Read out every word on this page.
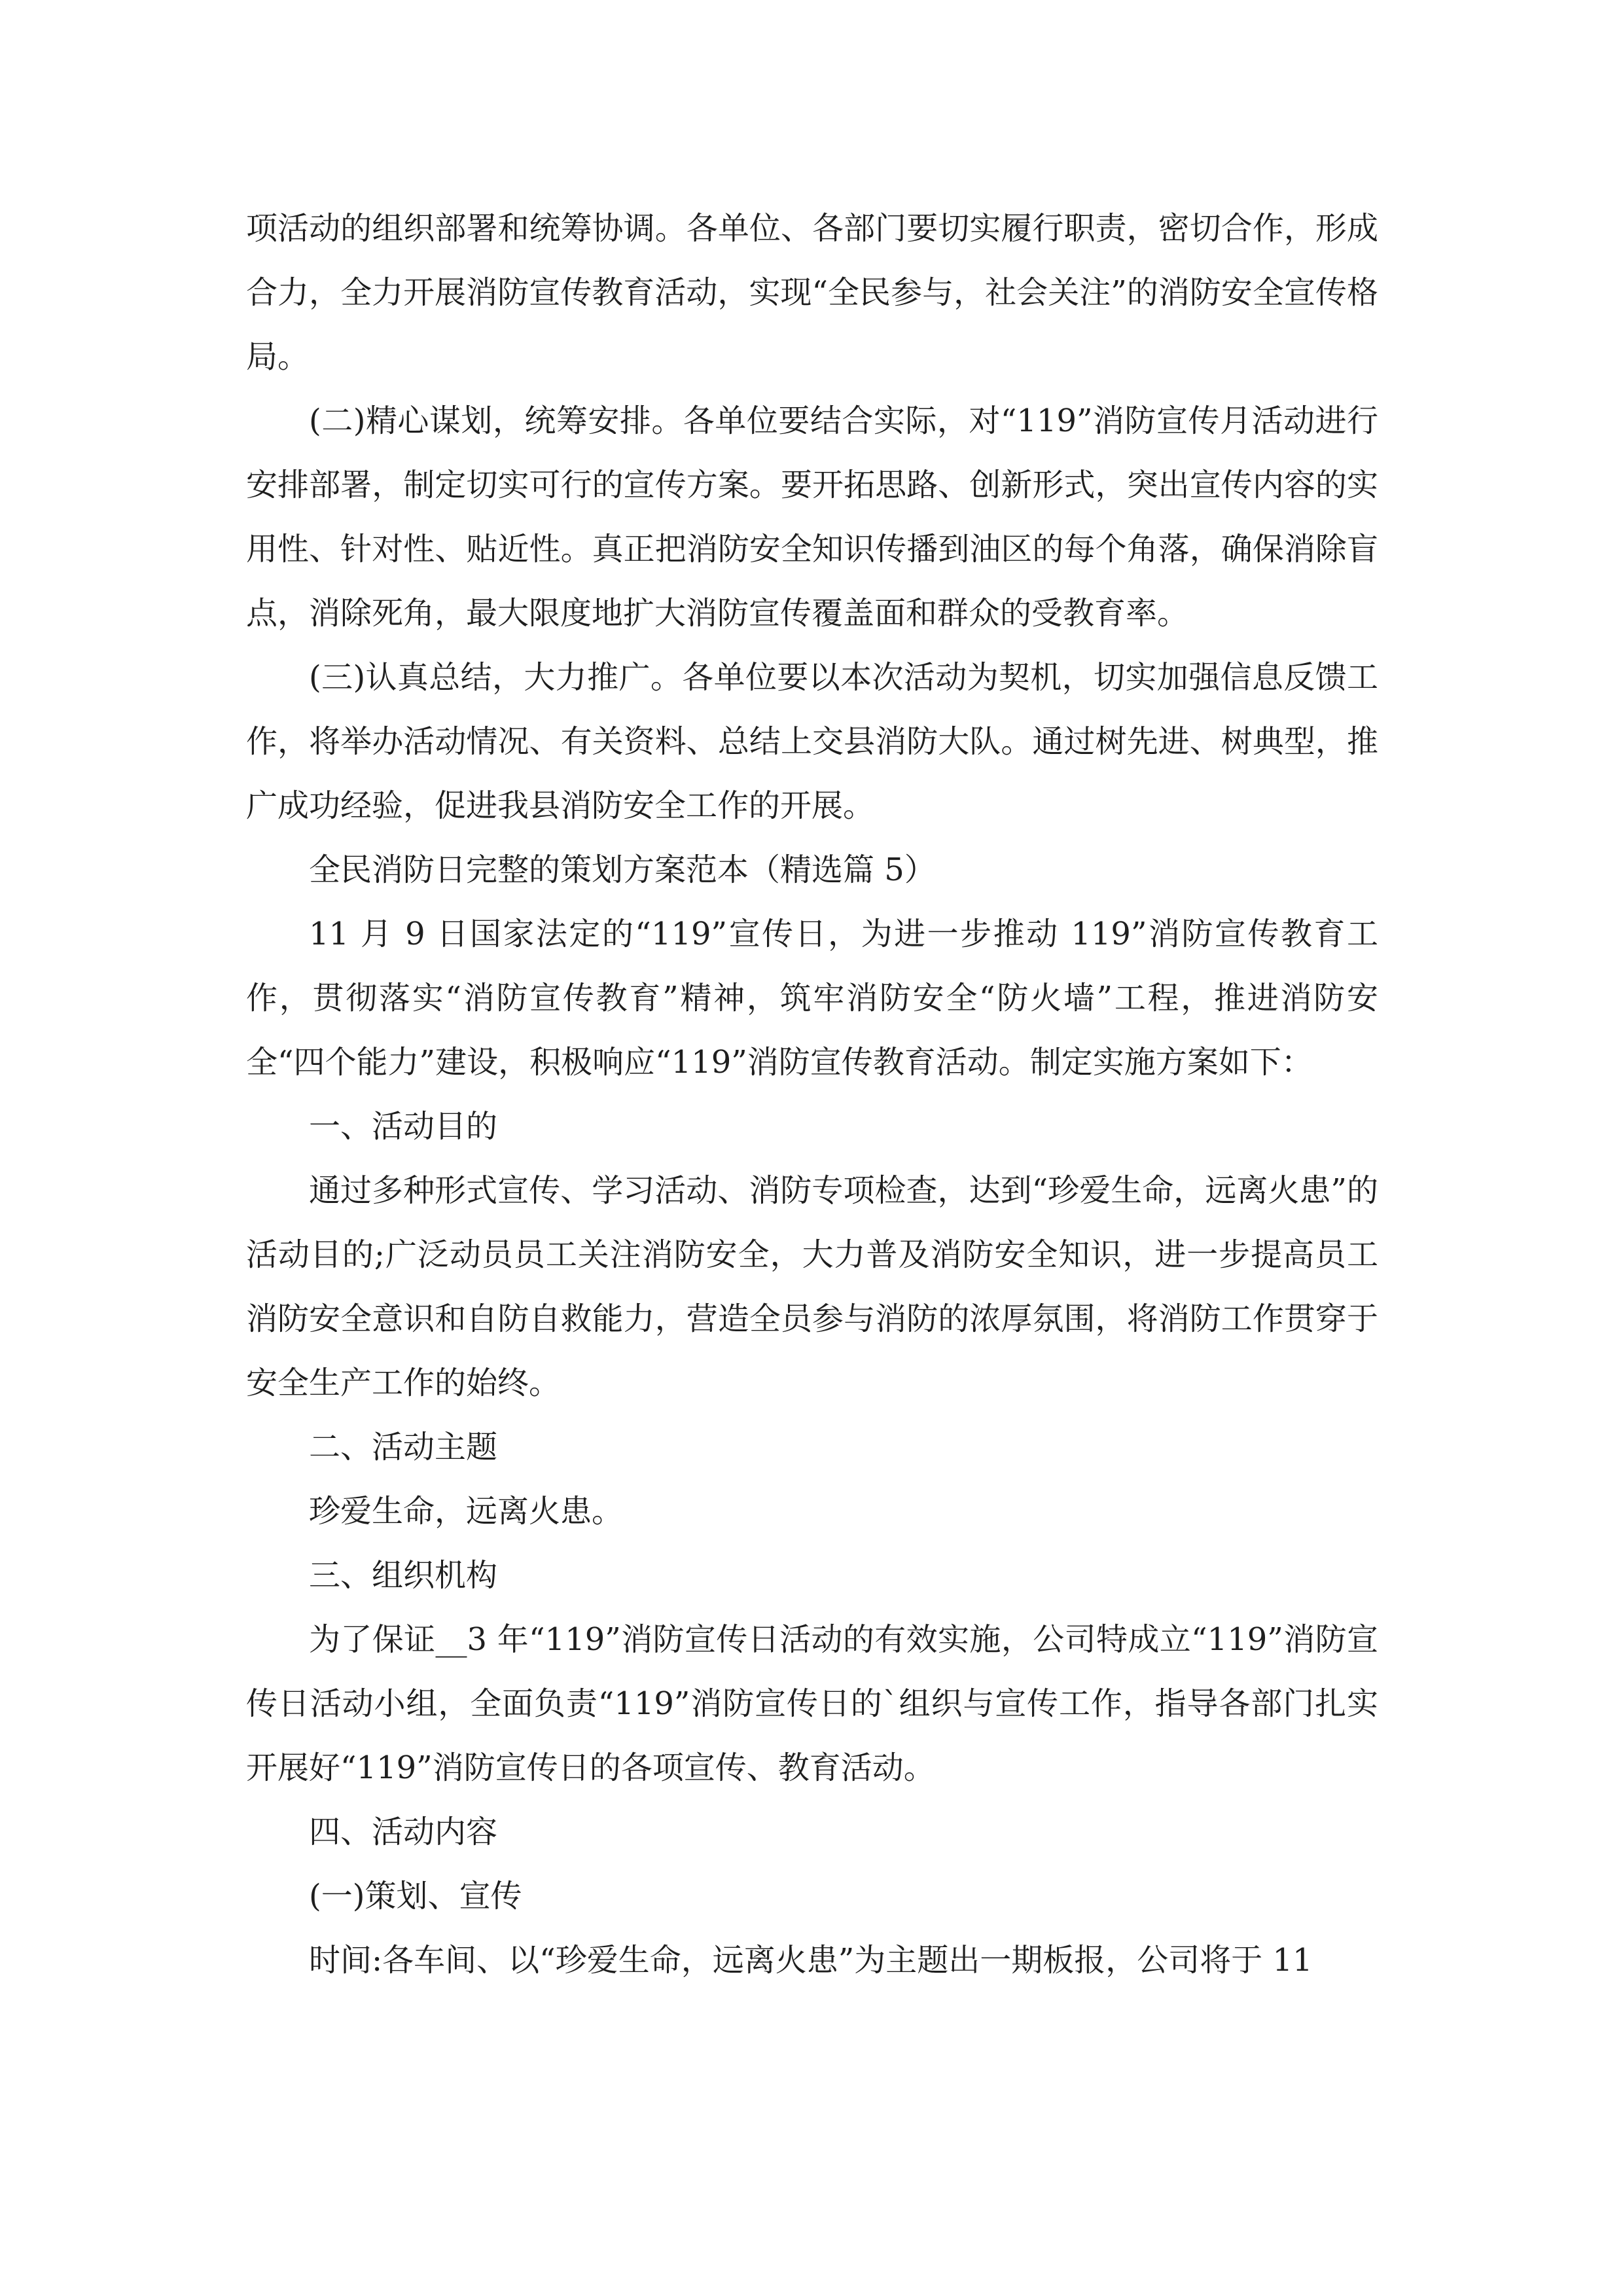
项活动的组织部署和统筹协调。各单位、各部门要切实履行职责，密切合作，形成合力，全力开展消防宣传教育活动，实现“全民参与，社会关注”的消防安全宣传格局。

(二)精心谋划，统筹安排。各单位要结合实际，对“119”消防宣传月活动进行安排部署，制定切实可行的宣传方案。要开拓思路、创新形式，突出宣传内容的实用性、针对性、贴近性。真正把消防安全知识传播到油区的每个角落，确保消除盲点，消除死角，最大限度地扩大消防宣传覆盖面和群众的受教育率。

(三)认真总结，大力推广。各单位要以本次活动为契机，切实加强信息反馈工作，将举办活动情况、有关资料、总结上交县消防大队。通过树先进、树典型，推广成功经验，促进我县消防安全工作的开展。

全民消防日完整的策划方案范本（精选篇 5）

11 月 9 日国家法定的“119”宣传日，为进一步推动 119”消防宣传教育工作，贯彻落实“消防宣传教育”精神，筑牢消防安全“防火墙”工程，推进消防安全“四个能力”建设，积极响应“119”消防宣传教育活动。制定实施方案如下：

一、活动目的

通过多种形式宣传、学习活动、消防专项检查，达到“珍爱生命，远离火患”的活动目的;广泛动员员工关注消防安全，大力普及消防安全知识，进一步提高员工消防安全意识和自防自救能力，营造全员参与消防的浓厚氛围，将消防工作贯穿于安全生产工作的始终。

二、活动主题

珍爱生命，远离火患。

三、组织机构

为了保证__3 年“119”消防宣传日活动的有效实施，公司特成立“119”消防宣传日活动小组，全面负责“119”消防宣传日的`组织与宣传工作，指导各部门扎实开展好“119”消防宣传日的各项宣传、教育活动。

四、活动内容

(一)策划、宣传

时间:各车间、以“珍爱生命，远离火患”为主题出一期板报，公司将于 11
